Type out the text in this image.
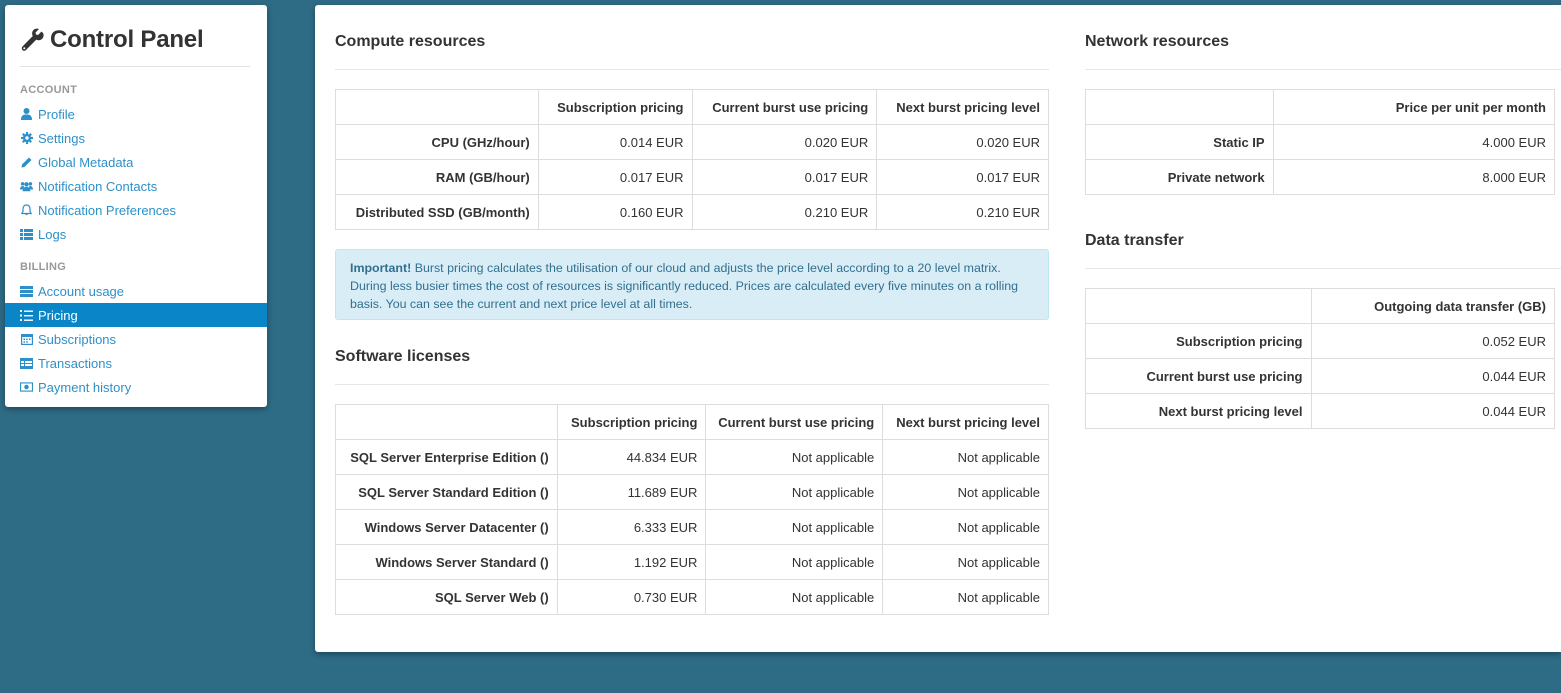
Control Panel
ACCOUNT
Profile
Settings
Global Metadata
Notification Contacts
Notification Preferences
Logs
BILLING
Account usage
Pricing
Subscriptions
Transactions
Payment history
Compute resources
	Subscription pricing	Current burst use pricing	Next burst pricing level
CPU (GHz/hour)	0.014 EUR	0.020 EUR	0.020 EUR
RAM (GB/hour)	0.017 EUR	0.017 EUR	0.017 EUR
Distributed SSD (GB/month)	0.160 EUR	0.210 EUR	0.210 EUR
Important! Burst pricing calculates the utilisation of our cloud and adjusts the price level according to a 20 level matrix. During less busier times the cost of resources is significantly reduced. Prices are calculated every five minutes on a rolling basis. You can see the current and next price level at all times.
Software licenses
	Subscription pricing	Current burst use pricing	Next burst pricing level
SQL Server Enterprise Edition ()	44.834 EUR	Not applicable	Not applicable
SQL Server Standard Edition ()	11.689 EUR	Not applicable	Not applicable
Windows Server Datacenter ()	6.333 EUR	Not applicable	Not applicable
Windows Server Standard ()	1.192 EUR	Not applicable	Not applicable
SQL Server Web ()	0.730 EUR	Not applicable	Not applicable
Network resources
	Price per unit per month
Static IP	4.000 EUR
Private network	8.000 EUR
Data transfer
	Outgoing data transfer (GB)
Subscription pricing	0.052 EUR
Current burst use pricing	0.044 EUR
Next burst pricing level	0.044 EUR
